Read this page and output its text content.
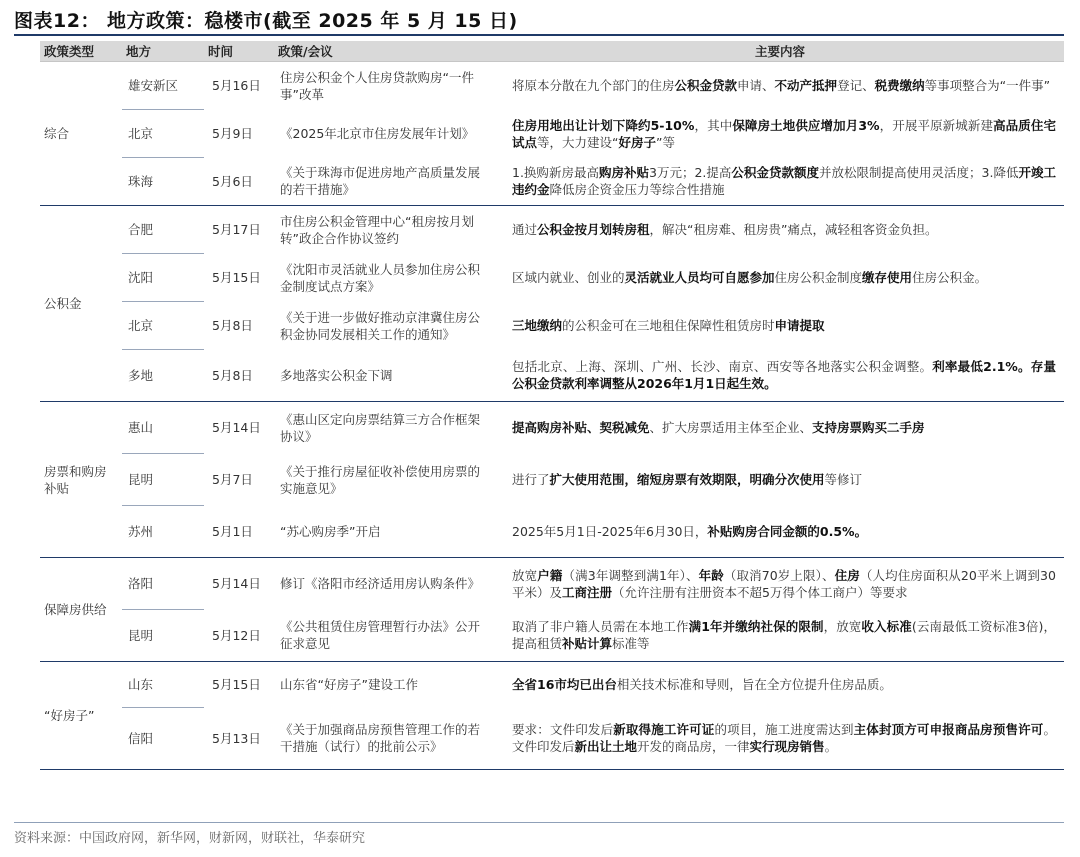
图表12： 地方政策：稳楼市(截至 2025 年 5 月 15 日)
政策类型	地方	时间	政策/会议	主要内容

综合	雄安新区	5月16日	住房公积金个人住房贷款购房“一件事”改革	将原本分散在九个部门的住房公积金贷款申请、不动产抵押登记、税费缴纳等事项整合为“一件事”
	北京	5月9日	《2025年北京市住房发展年计划》	住房用地出让计划下降约5-10%，其中保障房土地供应增加月3%，开展平原新城新建高品质住宅试点等，大力建设“好房子”等
	珠海	5月6日	《关于珠海市促进房地产高质量发展的若干措施》	1.换购新房最高购房补贴3万元；2.提高公积金贷款额度并放松限制提高使用灵活度；3.降低开竣工违约金降低房企资金压力等综合性措施

公积金	合肥	5月17日	市住房公积金管理中心“租房按月划转”政企合作协议签约	通过公积金按月划转房租，解决“租房难、租房贵”痛点，减轻租客资金负担。
	沈阳	5月15日	《沈阳市灵活就业人员参加住房公积金制度试点方案》	区域内就业、创业的灵活就业人员均可自愿参加住房公积金制度缴存使用住房公积金。
	北京	5月8日	《关于进一步做好推动京津冀住房公积金协同发展相关工作的通知》	三地缴纳的公积金可在三地租住保障性租赁房时申请提取
	多地	5月8日	多地落实公积金下调	包括北京、上海、深圳、广州、长沙、南京、西安等各地落实公积金调整。利率最低2.1%。存量公积金贷款利率调整从2026年1月1日起生效。

房票和购房补贴	惠山	5月14日	《惠山区定向房票结算三方合作框架协议》	提高购房补贴、契税减免、扩大房票适用主体至企业、支持房票购买二手房
	昆明	5月7日	《关于推行房屋征收补偿使用房票的实施意见》	进行了扩大使用范围，缩短房票有效期限，明确分次使用等修订
	苏州	5月1日	“苏心购房季”开启	2025年5月1日-2025年6月30日，补贴购房合同金额的0.5%。

保障房供给	洛阳	5月14日	修订《洛阳市经济适用房认购条件》	放宽户籍（满3年调整到满1年）、年龄（取消70岁上限）、住房（人均住房面积从20平米上调到30平米）及工商注册（允许注册有注册资本不超5万得个体工商户）等要求
	昆明	5月12日	《公共租赁住房管理暂行办法》公开征求意见	取消了非户籍人员需在本地工作满1年并缴纳社保的限制，放宽收入标准(云南最低工资标准3倍)，提高租赁补贴计算标准等

“好房子”	山东	5月15日	山东省“好房子”建设工作	全省16市均已出台相关技术标准和导则，旨在全方位提升住房品质。
	信阳	5月13日	《关于加强商品房预售管理工作的若干措施（试行）的批前公示》	要求：文件印发后新取得施工许可证的项目，施工进度需达到主体封顶方可申报商品房预售许可。文件印发后新出让土地开发的商品房，一律实行现房销售。
资料来源：中国政府网，新华网，财新网，财联社，华泰研究
